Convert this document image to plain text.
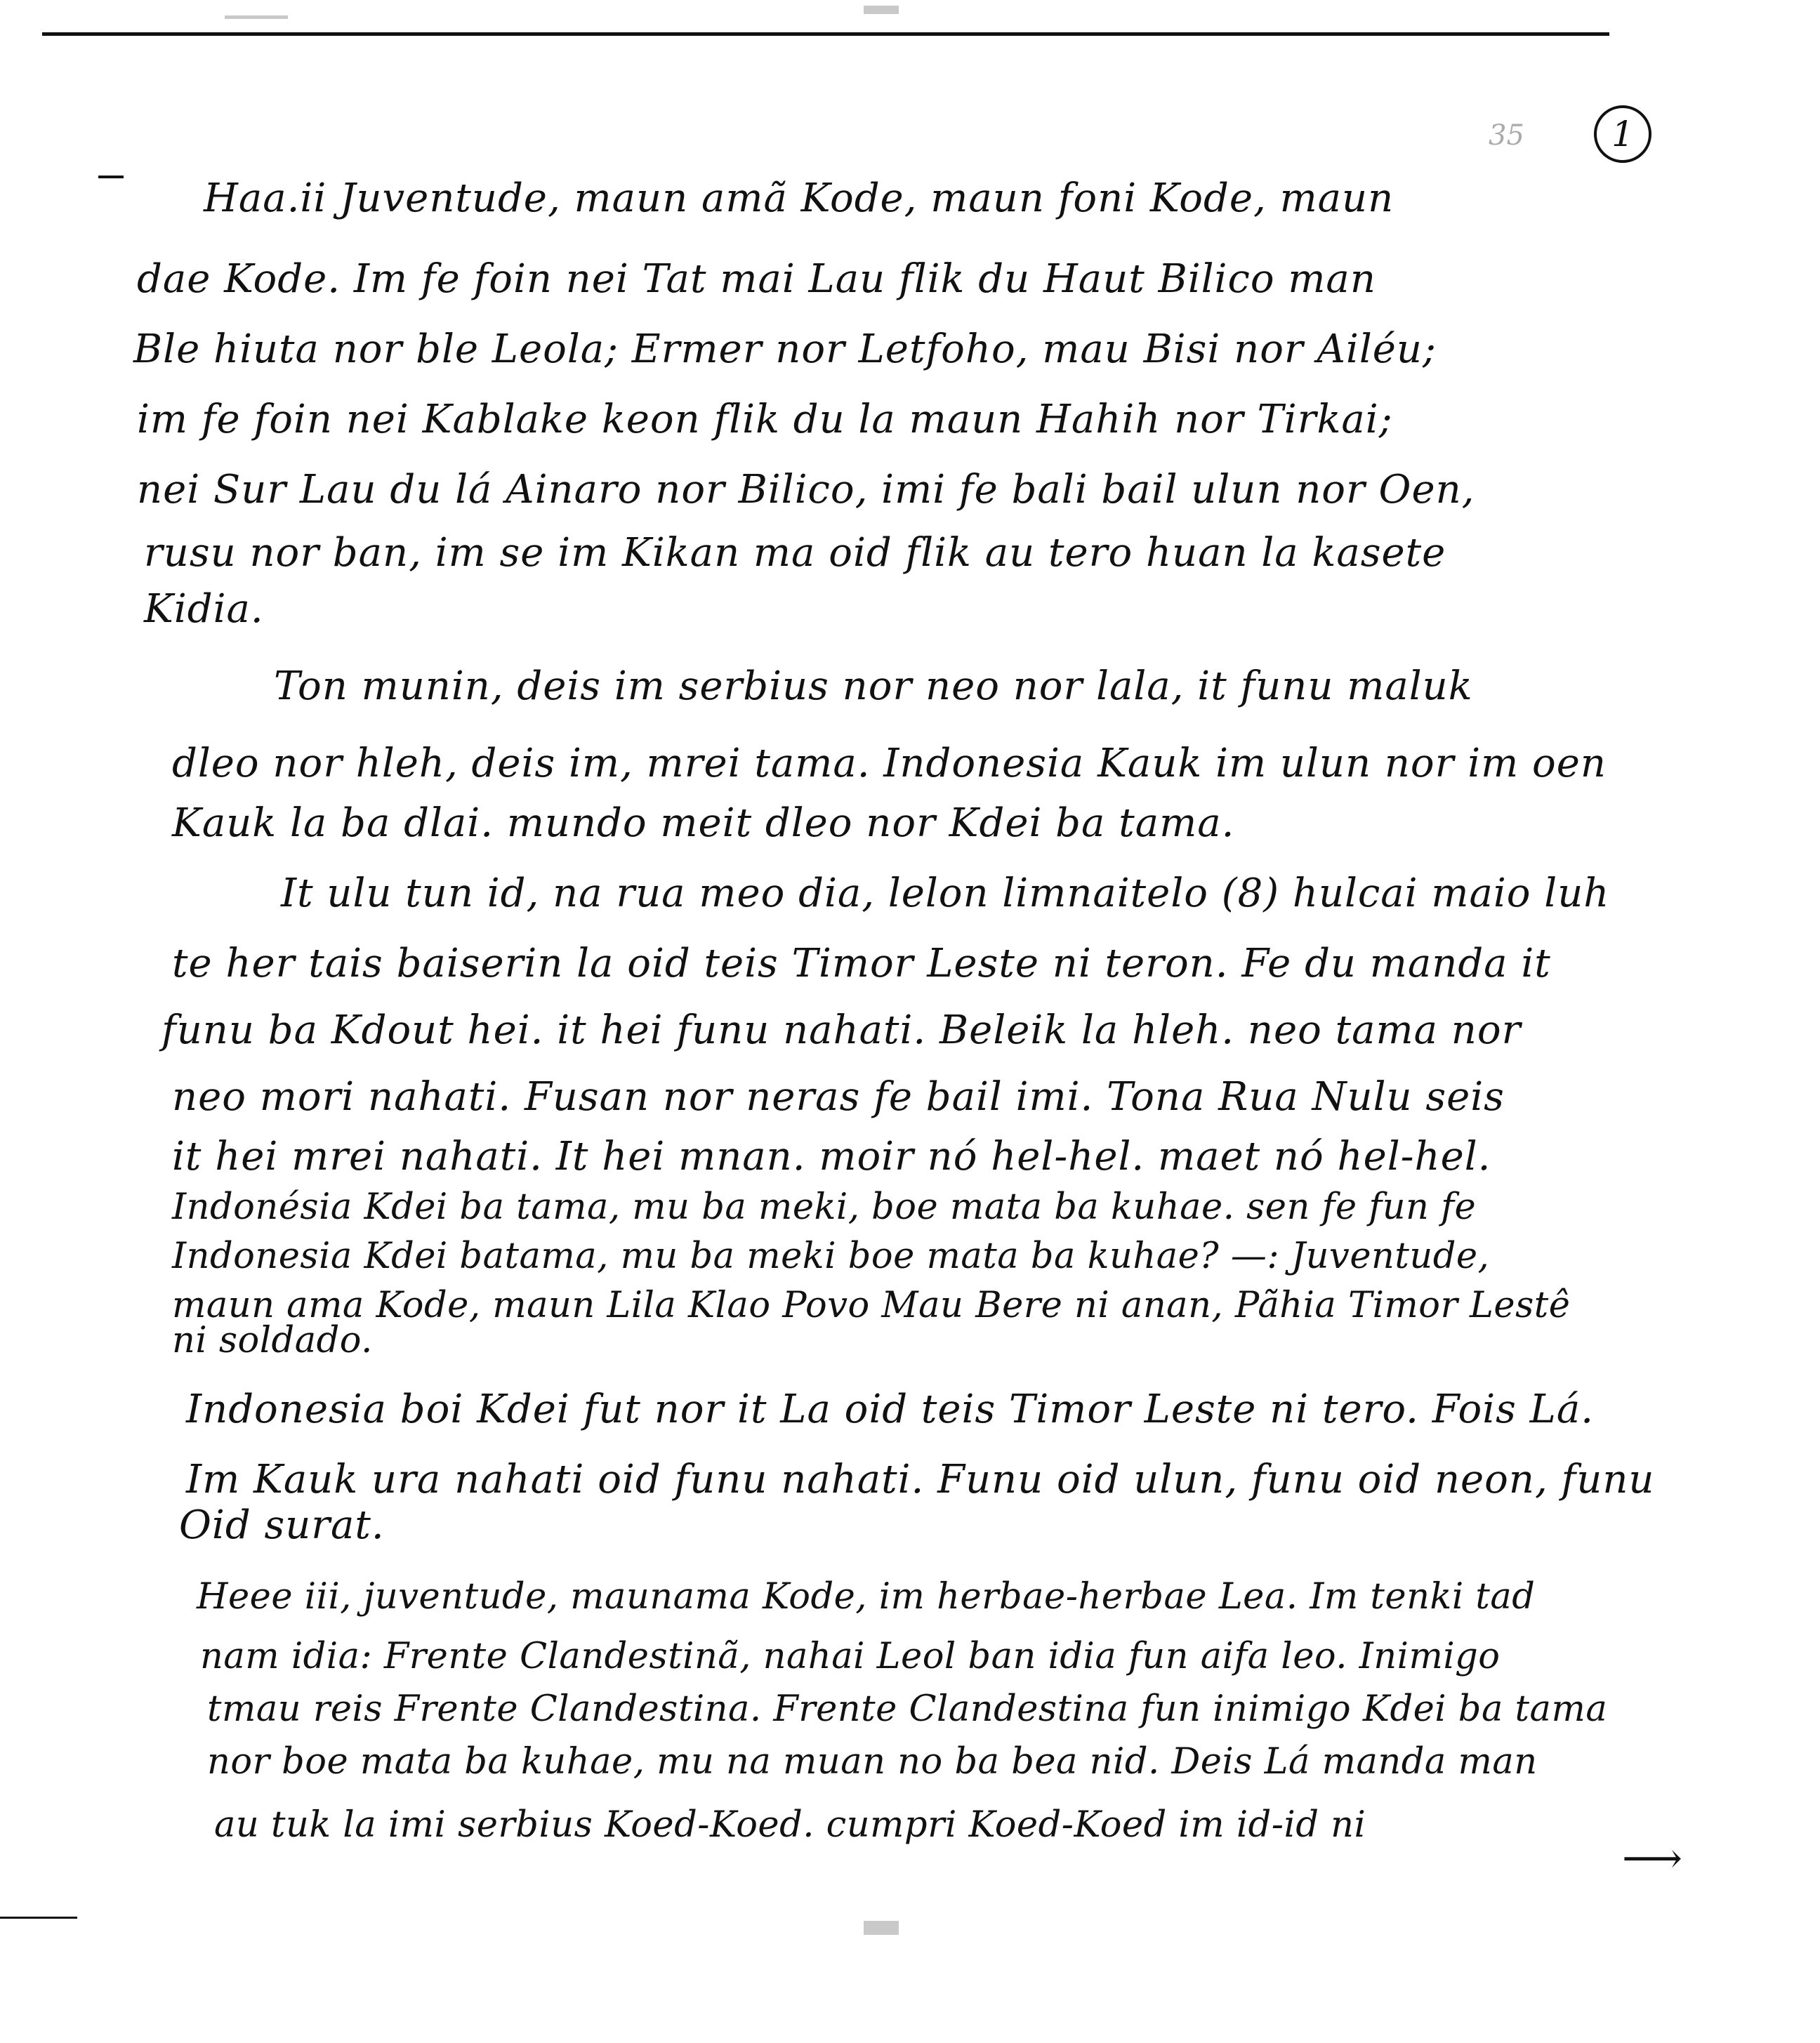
35	1
Haa.ii Juventude, maun amã Kode, maun foni Kode, maun
dae Kode. Im fe foin nei Tat mai Lau flik du Haut Bilico man
Ble hiuta nor ble Leola; Ermer nor Letfoho, mau Bisi nor Ailéu;
im fe foin nei Kablake keon flik du la maun Hahih nor Tirkai;
nei Sur Lau du lá Ainaro nor Bilico, imi fe bali bail ulun nor Oen,
rusu nor ban, im se im Kikan ma oid flik au tero huan la kasete
Kidia.
Ton munin, deis im serbius nor neo nor lala, it funu maluk
dleo nor hleh, deis im, mrei tama. Indonesia Kauk im ulun nor im oen
Kauk la ba dlai. mundo meit dleo nor Kdei ba tama.
It ulu tun id, na rua meo dia, lelon limnaitelo (8) hulcai maio luh
te her tais baiserin la oid teis Timor Leste ni teron. Fe du manda it
funu ba Kdout hei. it hei funu nahati. Beleik la hleh. neo tama nor
neo mori nahati. Fusan nor neras fe bail imi. Tona Rua Nulu seis
it hei mrei nahati. It hei mnan. moir nó hel-hel. maet nó hel-hel.
Indonésia Kdei ba tama, mu ba meki, boe mata ba kuhae. sen fe fun fe
Indonesia Kdei batama, mu ba meki boe mata ba kuhae? —: Juventude,
maun ama Kode, maun Lila Klao Povo Mau Bere ni anan, Pãhia Timor Lestê
ni soldado.
Indonesia boi Kdei fut nor it La oid teis Timor Leste ni tero. Fois Lá.
Im Kauk ura nahati oid funu nahati. Funu oid ulun, funu oid neon, funu
Oid surat.
Heee iii, juventude, maunama Kode, im herbae-herbae Lea. Im tenki tad
nam idia: Frente Clandestinã, nahai Leol ban idia fun aifa leo. Inimigo
tmau reis Frente Clandestina. Frente Clandestina fun inimigo Kdei ba tama
nor boe mata ba kuhae, mu na muan no ba bea nid. Deis Lá manda man
au tuk la imi serbius Koed-Koed. cumpri Koed-Koed im id-id ni
⟶
